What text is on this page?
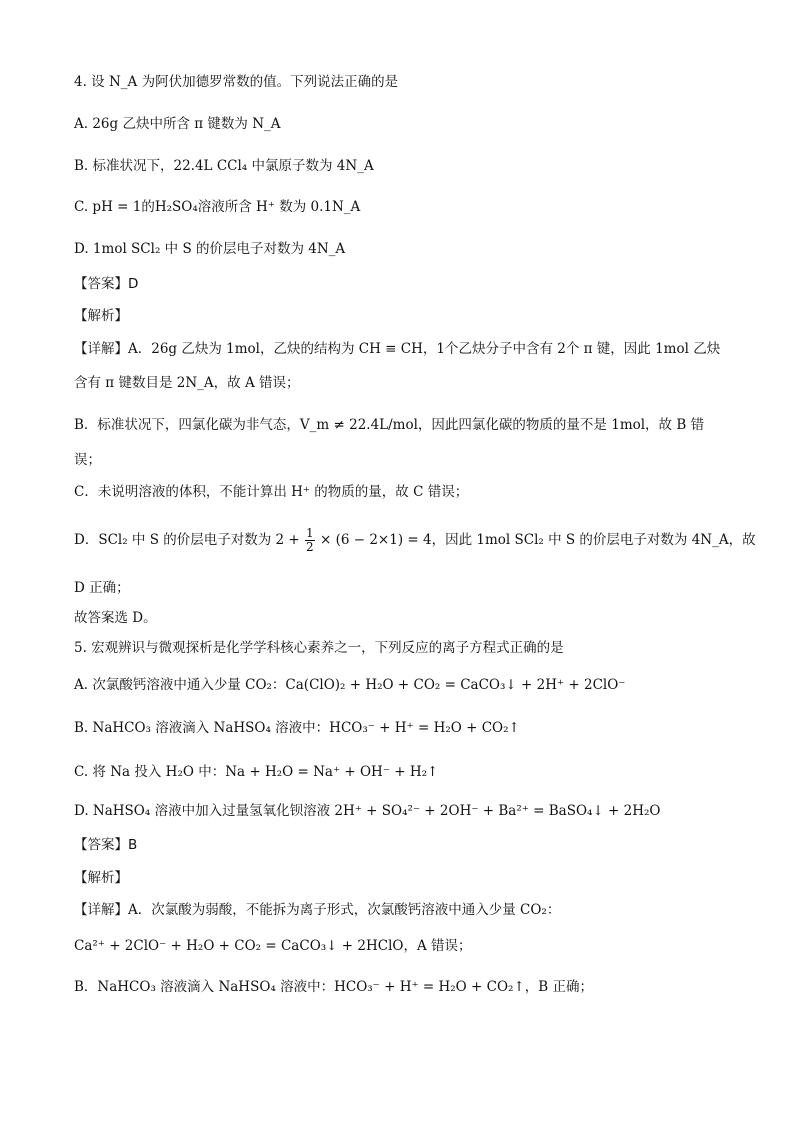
4. 设 N_A 为阿伏加德罗常数的值。下列说法正确的是
A. 26g 乙炔中所含 π 键数为 N_A
B. 标准状况下，22.4L CCl₄ 中氯原子数为 4N_A
C. pH = 1的H₂SO₄溶液所含 H⁺ 数为 0.1N_A
D. 1mol SCl₂ 中 S 的价层电子对数为 4N_A
【答案】D
【解析】
【详解】A．26g 乙炔为 1mol，乙炔的结构为 CH ≡ CH，1个乙炔分子中含有 2个 π 键，因此 1mol 乙炔
含有 π 键数目是 2N_A，故 A 错误；
B．标准状况下，四氯化碳为非气态，V_m ≠ 22.4L/mol，因此四氯化碳的物质的量不是 1mol，故 B 错
误；
C．未说明溶液的体积，不能计算出 H⁺ 的物质的量，故 C 错误；
D．SCl₂ 中 S 的价层电子对数为 $2 + \frac{1}{2} \times (6 - 2\times 1) = 4$，因此 1mol SCl₂ 中 S 的价层电子对数为 4N_A，故
D 正确；
故答案选 D。
5. 宏观辨识与微观探析是化学学科核心素养之一，下列反应的离子方程式正确的是
A. 次氯酸钙溶液中通入少量 CO₂：Ca(ClO)₂ + H₂O + CO₂ = CaCO₃↓ + 2H⁺ + 2ClO⁻
B. NaHCO₃ 溶液滴入 NaHSO₄ 溶液中：HCO₃⁻ + H⁺ = H₂O + CO₂↑
C. 将 Na 投入 H₂O 中：Na + H₂O = Na⁺ + OH⁻ + H₂↑
D. NaHSO₄ 溶液中加入过量氢氧化钡溶液 2H⁺ + SO₄²⁻ + 2OH⁻ + Ba²⁺ = BaSO₄↓ + 2H₂O
【答案】B
【解析】
【详解】A．次氯酸为弱酸，不能拆为离子形式，次氯酸钙溶液中通入少量 CO₂：
Ca²⁺ + 2ClO⁻ + H₂O + CO₂ = CaCO₃↓ + 2HClO，A 错误；
B．NaHCO₃ 溶液滴入 NaHSO₄ 溶液中：HCO₃⁻ + H⁺ = H₂O + CO₂↑，B 正确；
